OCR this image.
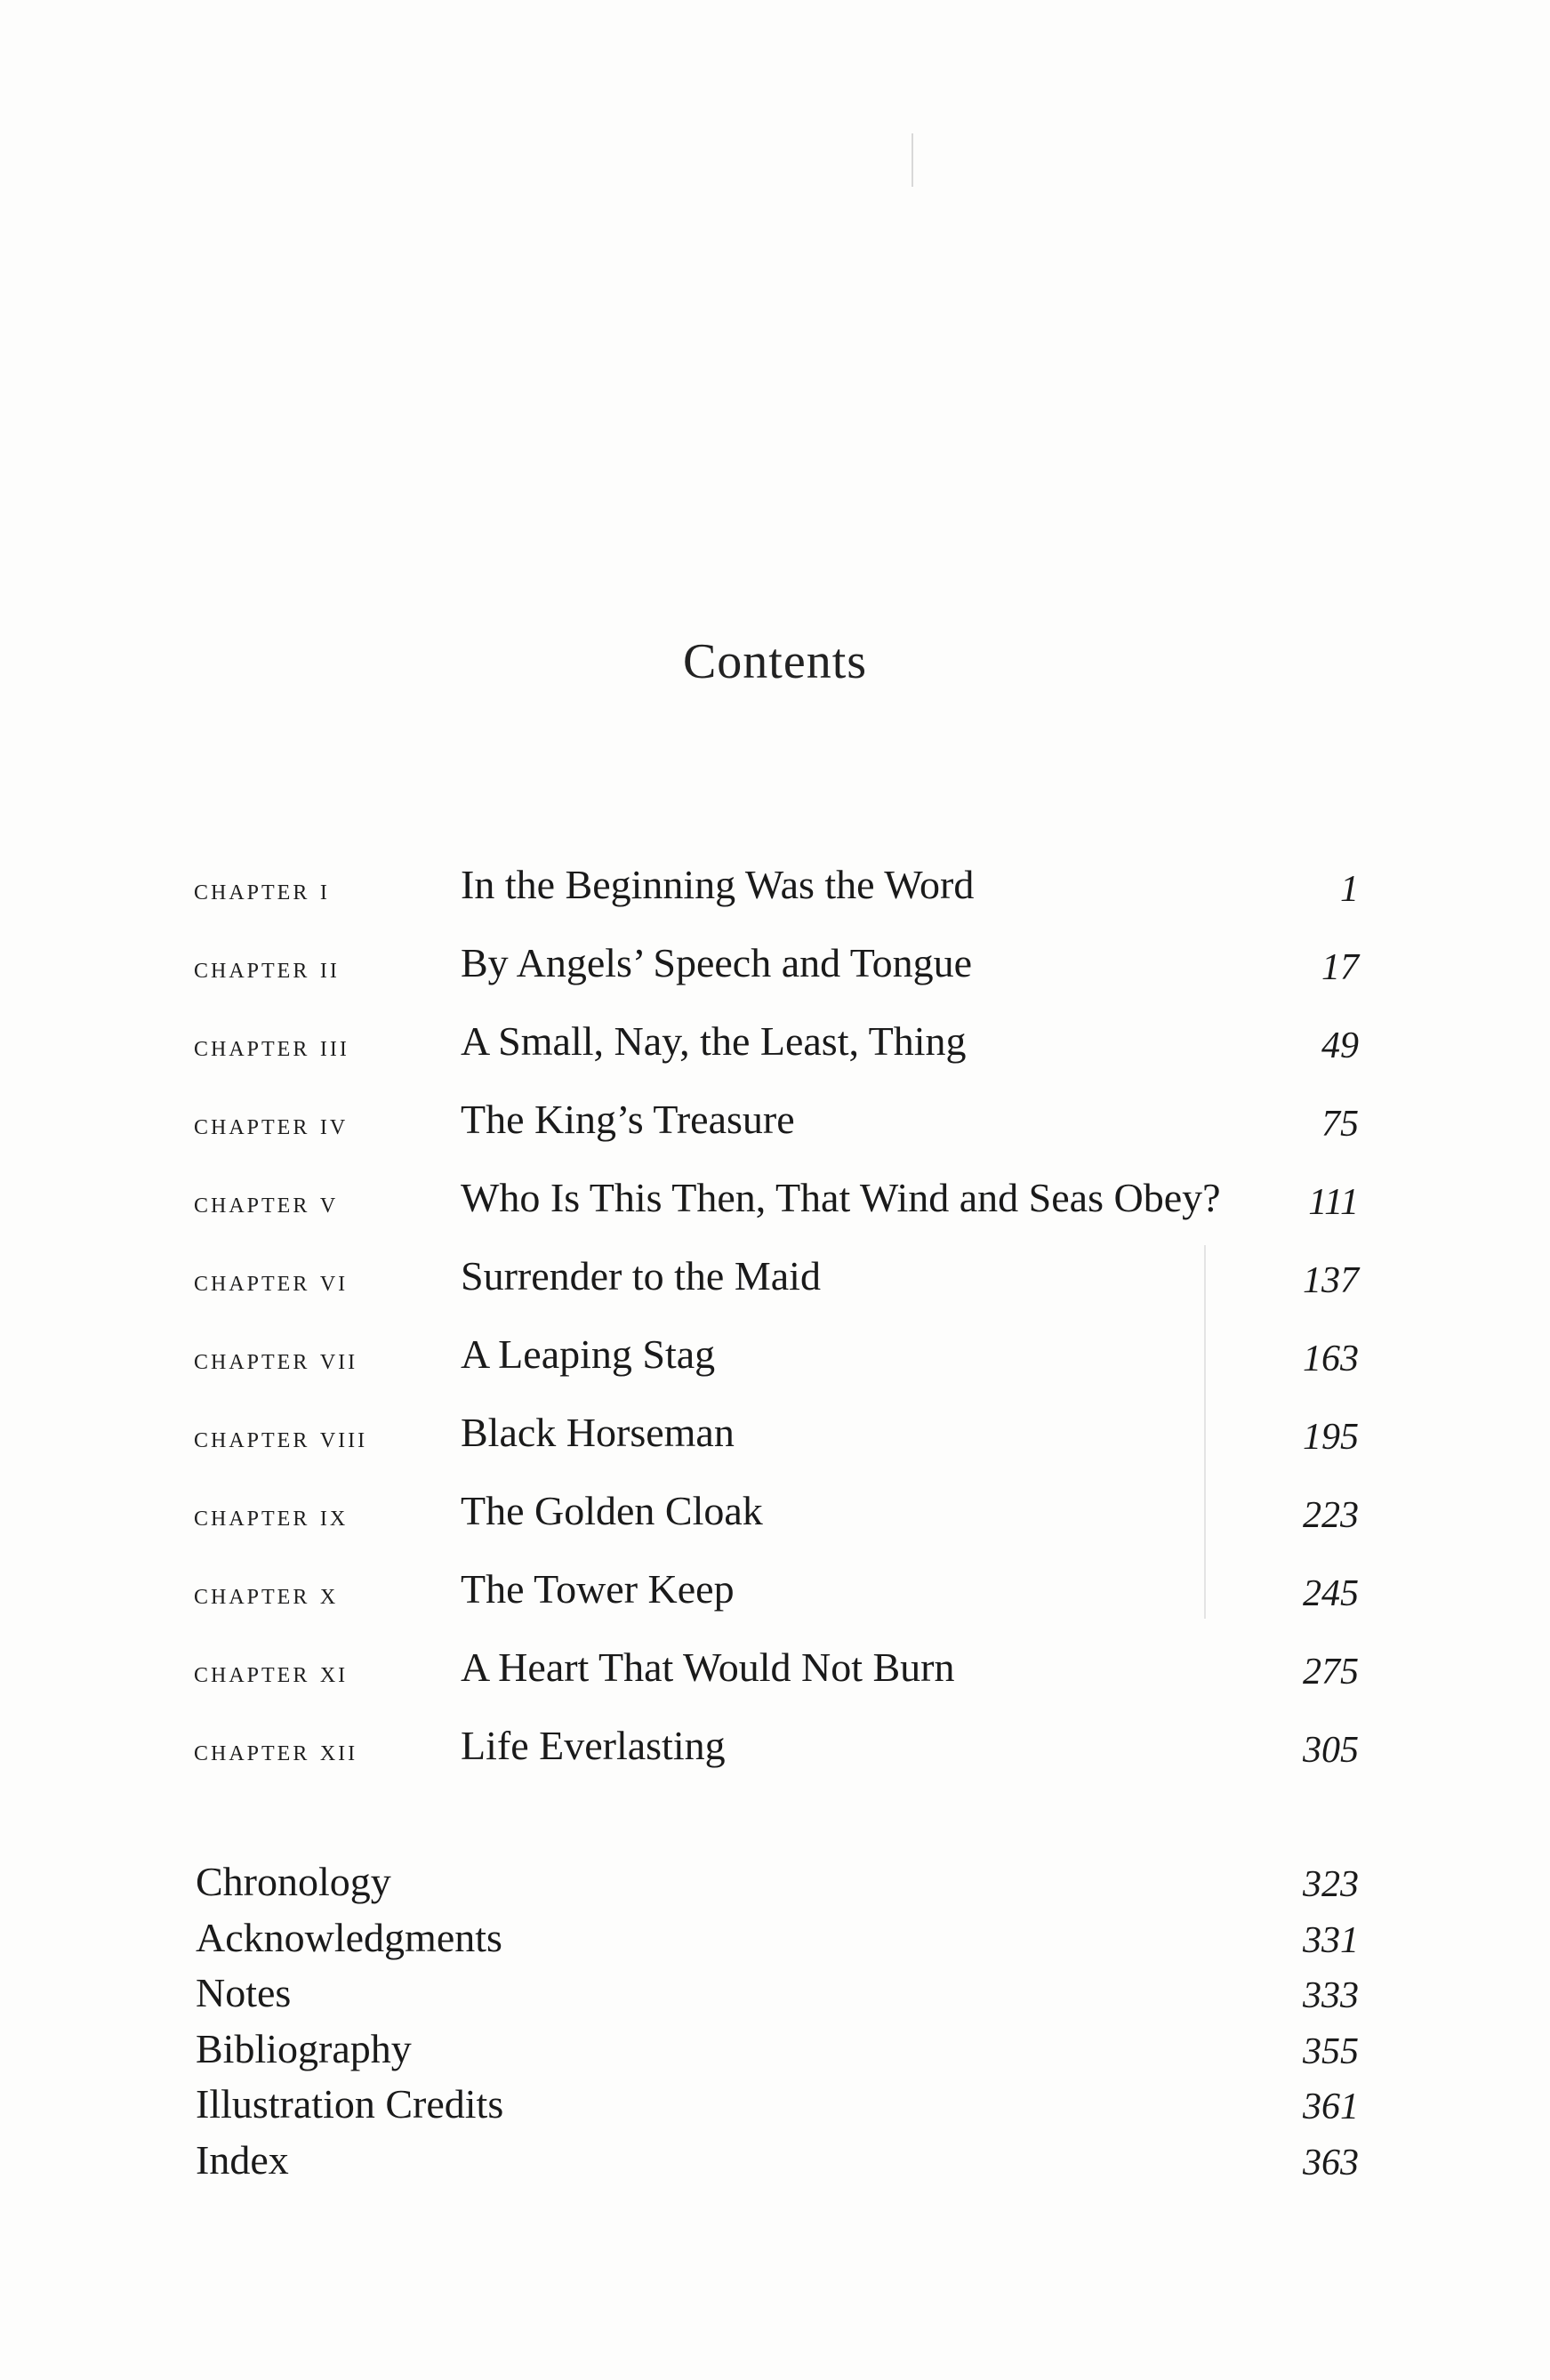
Contents
chapter i	In the Beginning Was the Word	1
chapter ii	By Angels’ Speech and Tongue	17
chapter iii	A Small, Nay, the Least, Thing	49
chapter iv	The King’s Treasure	75
chapter v	Who Is This Then, That Wind and Seas Obey? 111
chapter vi	Surrender to the Maid	137
chapter vii	A Leaping Stag	163
chapter viii Black Horseman	195
chapter ix	The Golden Cloak	223
chapter x	The Tower Keep	245
chapter xi	A Heart That Would Not Burn	275
chapter xii	Life Everlasting	305
Chronology	323
Acknowledgments	331
Notes	333
Bibliography	355
Illustration Credits	361
Index	363
